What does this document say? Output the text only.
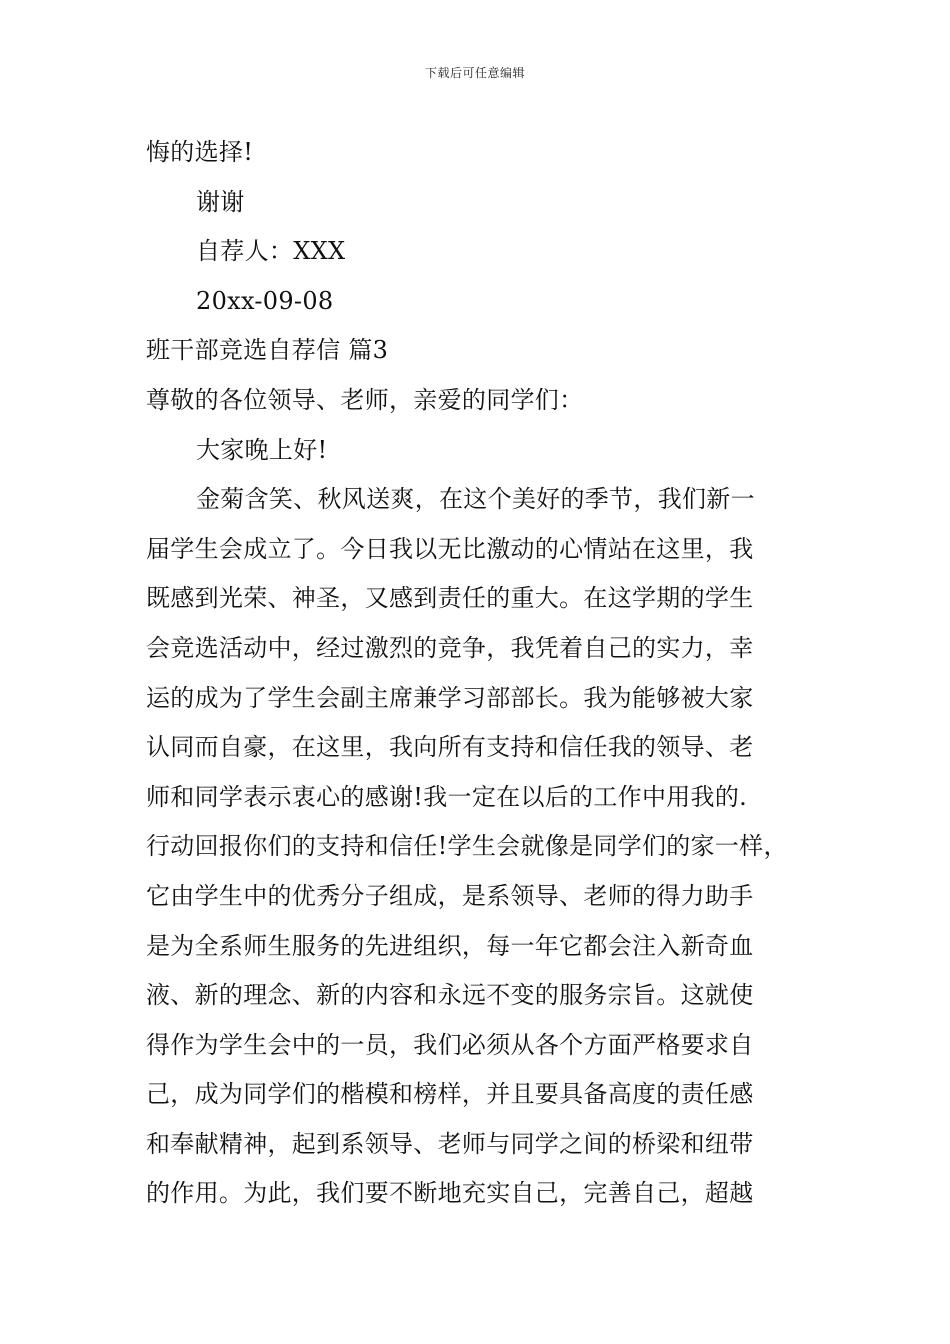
下载后可任意编辑
悔的选择!
谢谢
自荐人：XXX
20xx-09-08
班干部竞选自荐信 篇3
尊敬的各位领导、老师，亲爱的同学们：
大家晚上好!
金菊含笑、秋风送爽，在这个美好的季节，我们新一
届学生会成立了。今日我以无比激动的心情站在这里，我
既感到光荣、神圣，又感到责任的重大。在这学期的学生
会竞选活动中，经过激烈的竞争，我凭着自己的实力，幸
运的成为了学生会副主席兼学习部部长。我为能够被大家
认同而自豪，在这里，我向所有支持和信任我的领导、老
师和同学表示衷心的感谢!我一定在以后的工作中用我的.
行动回报你们的支持和信任!学生会就像是同学们的家一样，
它由学生中的优秀分子组成，是系领导、老师的得力助手
是为全系师生服务的先进组织，每一年它都会注入新奇血
液、新的理念、新的内容和永远不变的服务宗旨。这就使
得作为学生会中的一员，我们必须从各个方面严格要求自
己，成为同学们的楷模和榜样，并且要具备高度的责任感
和奉献精神，起到系领导、老师与同学之间的桥梁和纽带
的作用。为此，我们要不断地充实自己，完善自己，超越
